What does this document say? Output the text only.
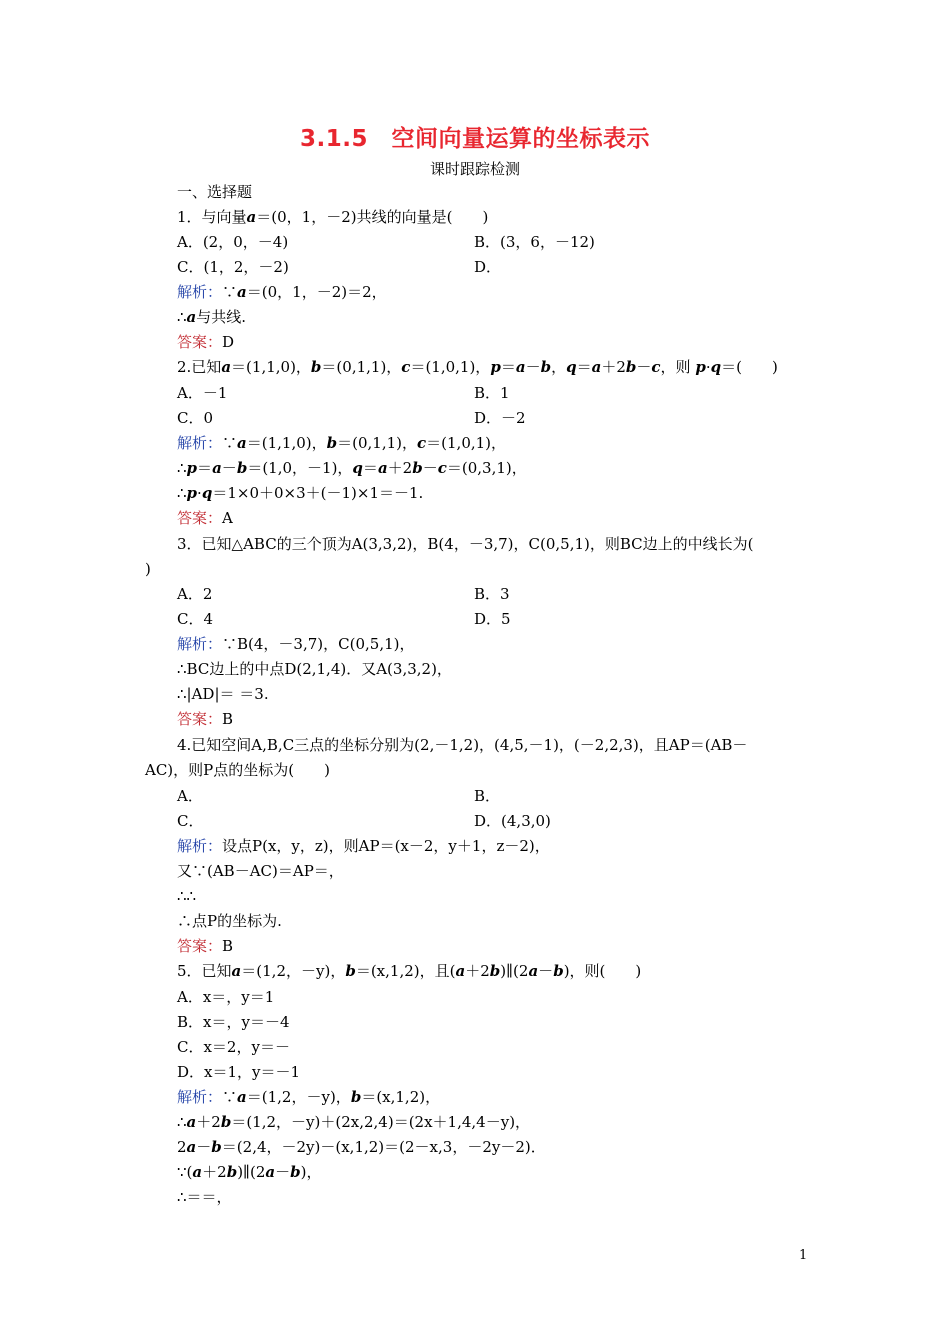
3.1.5　空间向量运算的坐标表示
课时跟踪检测
一、选择题
1．与向量a＝(0，1，－2)共线的向量是(　　)
A．(2，0，－4)	B．(3，6，－12)
C．(1，2，－2)	D．
解析：∵a＝(0，1，－2)＝2，
∴a与共线.
答案：D
2.已知a＝(1,1,0)，b＝(0,1,1)，c＝(1,0,1)，p＝a－b，q＝a＋2b－c，则 p·q＝(　　)
A．－1	B．1
C．0	D．－2
解析：∵a＝(1,1,0)，b＝(0,1,1)，c＝(1,0,1)，
∴p＝a－b＝(1,0，－1)，q＝a＋2b－c＝(0,3,1)，
∴p·q＝1×0＋0×3＋(－1)×1＝－1.
答案：A
3．已知△ABC的三个顶为A(3,3,2)，B(4，－3,7)，C(0,5,1)，则BC边上的中线长为(
)
A．2	B．3
C．4	D．5
解析：∵B(4，－3,7)，C(0,5,1)，
∴BC边上的中点D(2,1,4)．又A(3,3,2)，
∴|AD|＝ ＝3.
答案：B
4.已知空间A,B,C三点的坐标分别为(2,－1,2)，(4,5,－1)，(－2,2,3)，且AP＝(AB－
AC)，则P点的坐标为(　　)
A．	B．
C．	D．(4,3,0)
解析：设点P(x，y，z)，则AP＝(x－2，y＋1，z－2)，
又∵(AB－AC)＝AP＝，
∴∴
∴点P的坐标为.
答案：B
5．已知a＝(1,2，－y)，b＝(x,1,2)，且(a＋2b)∥(2a－b)，则(　　)
A．x＝，y＝1
B．x＝，y＝－4
C．x＝2，y＝－
D．x＝1，y＝－1
解析：∵a＝(1,2，－y)，b＝(x,1,2)，
∴a＋2b＝(1,2，－y)＋(2x,2,4)＝(2x＋1,4,4－y)，
2a－b＝(2,4，－2y)－(x,1,2)＝(2－x,3，－2y－2)．
∵(a＋2b)∥(2a－b)，
∴＝＝，
1
